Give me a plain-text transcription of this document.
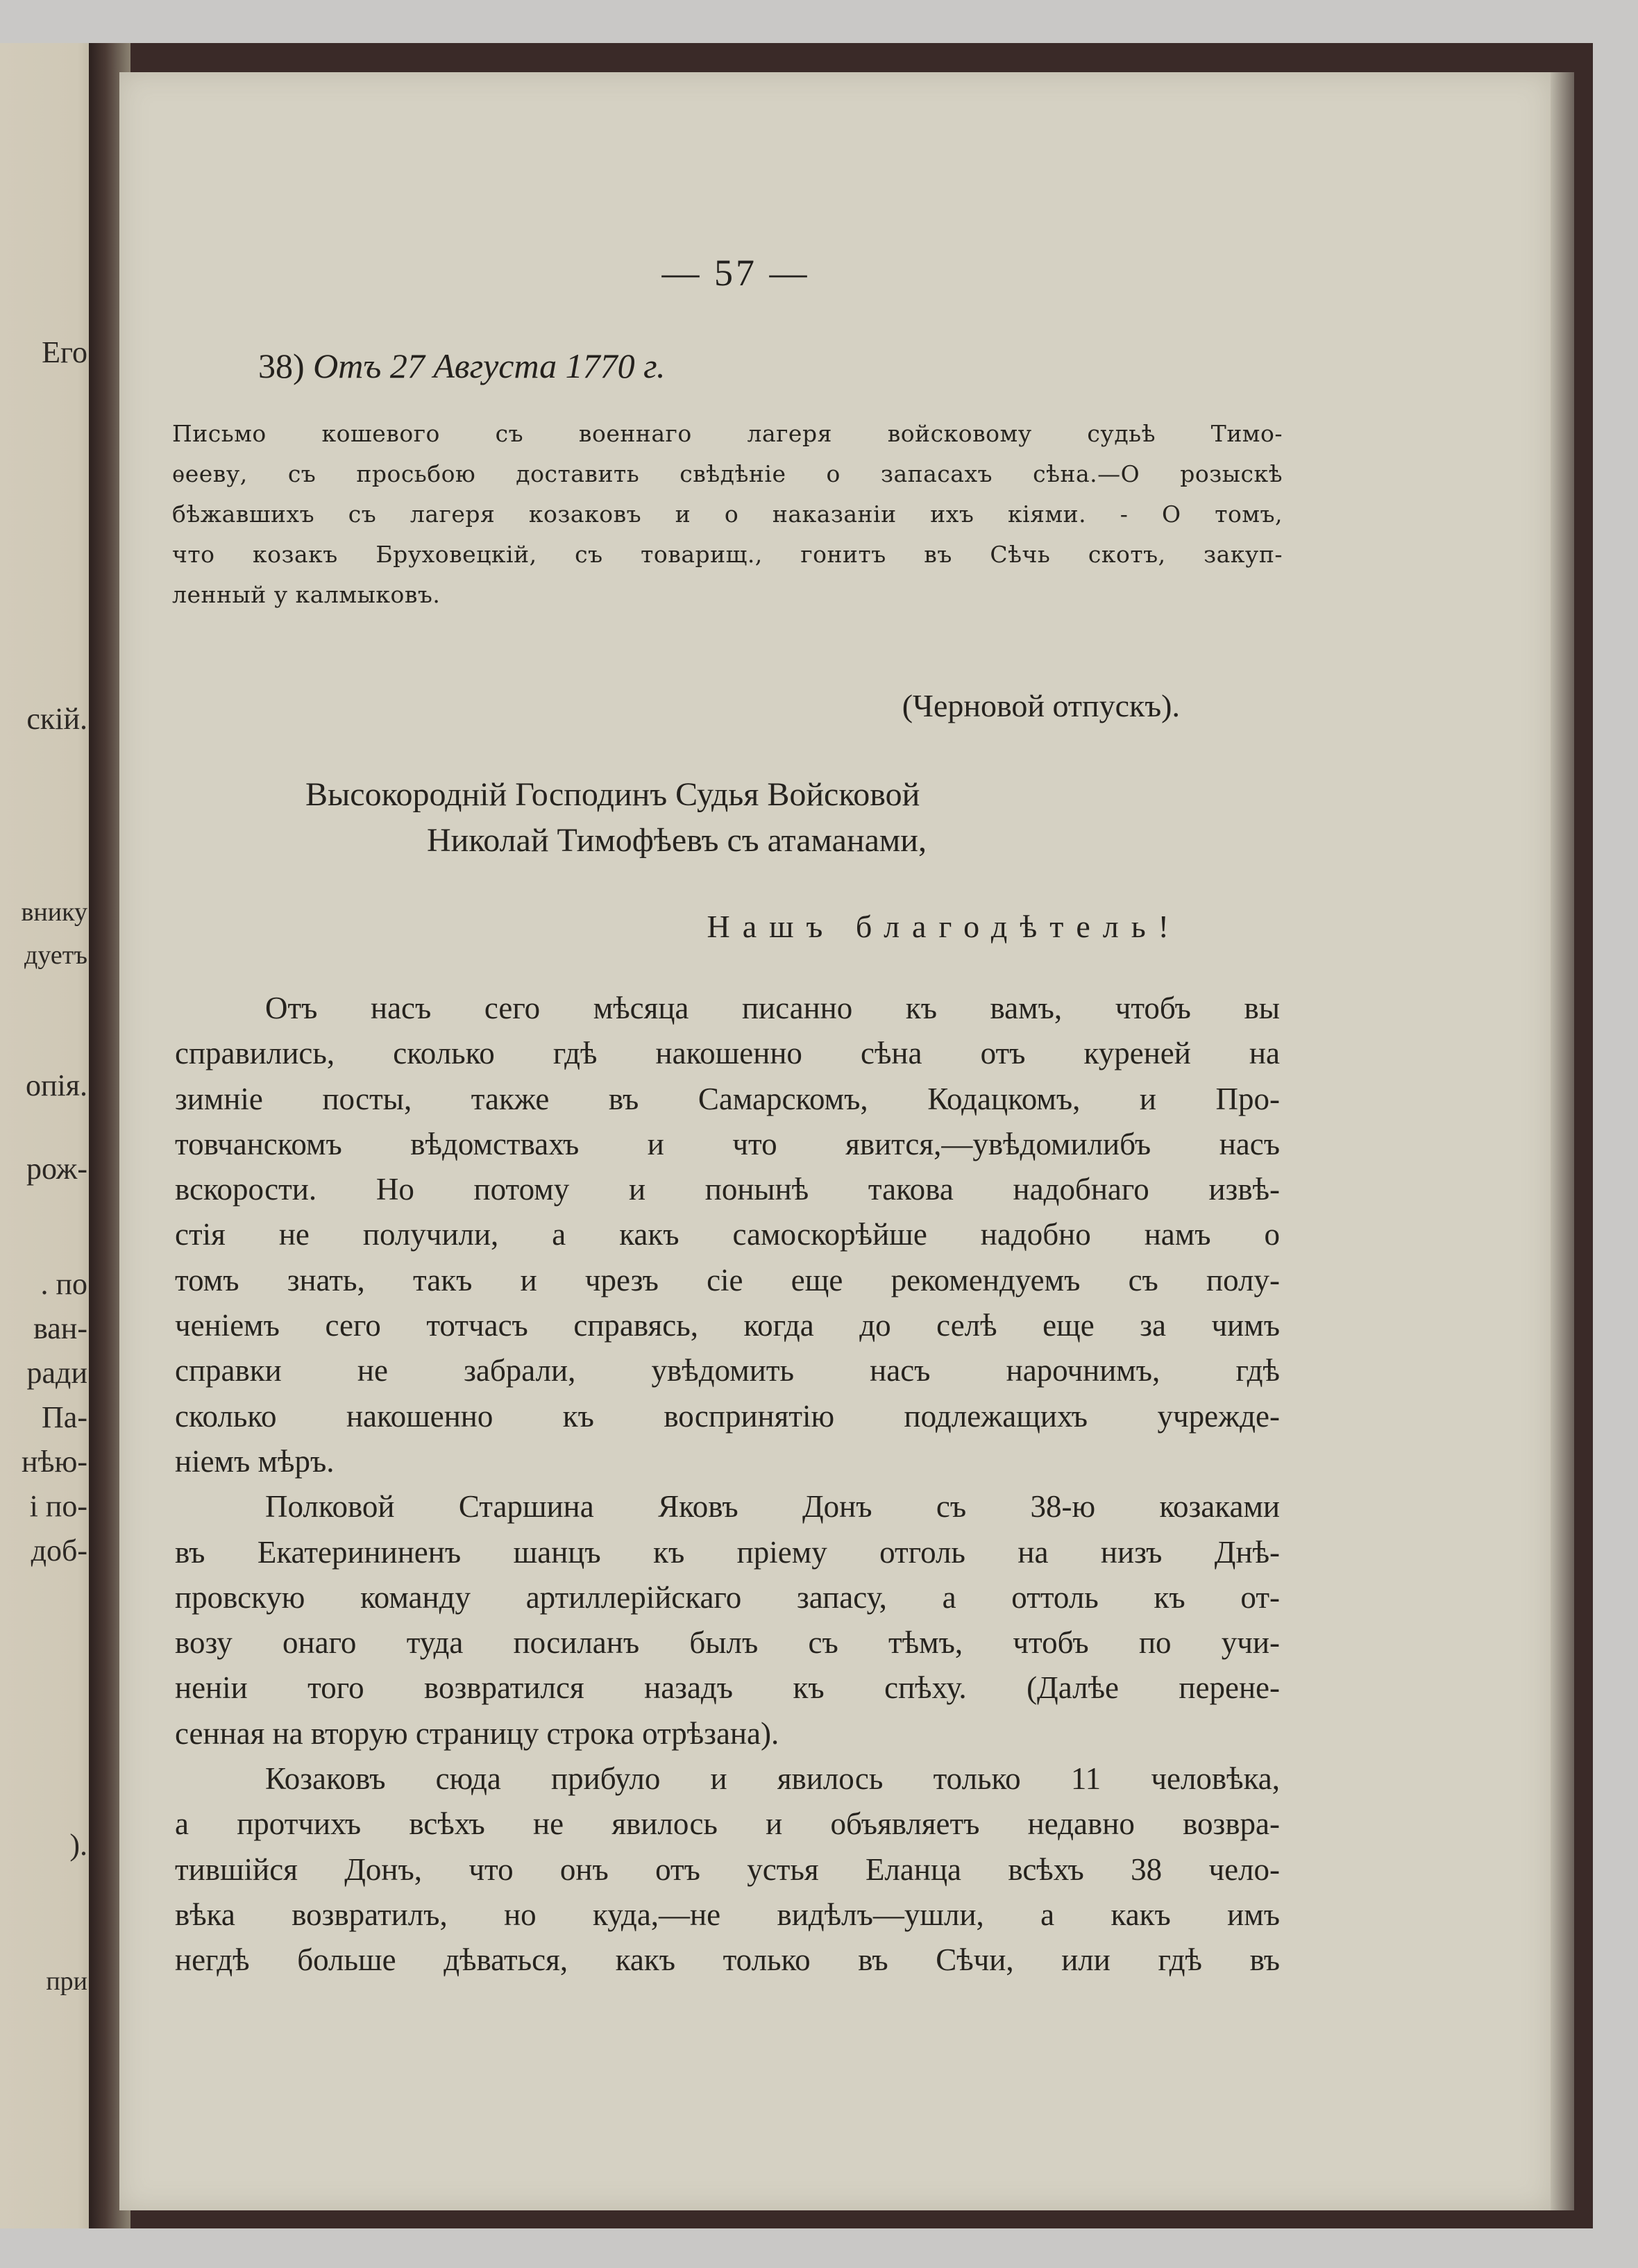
Его
скій.
внику
дуетъ
опія.
рож-
. по
ван-
ради
Па-
нѣю-
і по-
доб-
).
при
— 57 —
38) Отъ 27 Августа 1770 г.
Письмо кошевого съ военнаго лагеря войсковому судьѣ Тимо-
ѳееву, съ просьбою доставить свѣдѣніе о запасахъ сѣна.—О розыскѣ
бѣжавшихъ съ лагеря козаковъ и о наказаніи ихъ кіями. - О томъ,
что козакъ Бруховецкій, съ товарищ., гонитъ въ Сѣчь скотъ, закуп-
ленный у калмыковъ.
(Черновой отпускъ).
Высокородній Господинъ Судья Войсковой
Николай Тимофѣевъ съ атаманами,
Нашъ благодѣтель!
Отъ насъ сего мѣсяца писанно къ вамъ, чтобъ вы
справились, сколько гдѣ накошенно сѣна отъ куреней на
зимніе посты, также въ Самарскомъ, Кодацкомъ, и Про-
товчанскомъ вѣдомствахъ и что явится,—увѣдомилибъ насъ
вскорости. Но потому и понынѣ такова надобнаго извѣ-
стія не получили, а какъ самоскорѣйше надобно намъ о
томъ знать, такъ и чрезъ сіе еще рекомендуемъ съ полу-
ченіемъ сего тотчасъ справясь, когда до селѣ еще за чимъ
справки не забрали, увѣдомить насъ нарочнимъ, гдѣ
сколько накошенно къ воспринятію подлежащихъ учрежде-
ніемъ мѣръ.
Полковой Старшина Яковъ Донъ съ 38-ю козаками
въ Екатерининенъ шанцъ къ пріему отголь на низъ Днѣ-
провскую команду артиллерійскаго запасу, а оттоль къ от-
возу онаго туда посиланъ былъ съ тѣмъ, чтобъ по учи-
неніи того возвратился назадъ къ спѣху. (Далѣе перене-
сенная на вторую страницу строка отрѣзана).
Козаковъ сюда прибуло и явилось только 11 человѣка,
а протчихъ всѣхъ не явилось и объявляетъ недавно возвра-
тившійся Донъ, что онъ отъ устья Еланца всѣхъ 38 чело-
вѣка возвратилъ, но куда,—не видѣлъ—ушли, а какъ имъ
негдѣ больше дѣваться, какъ только въ Сѣчи, или гдѣ въ
